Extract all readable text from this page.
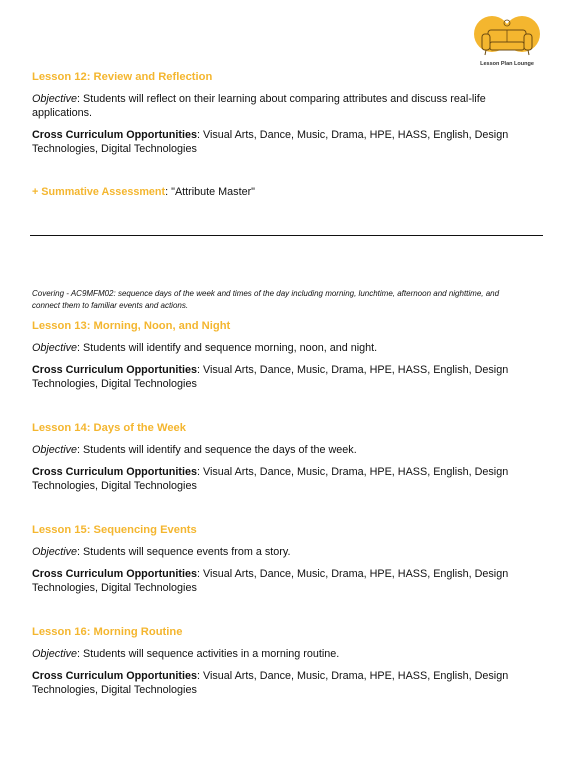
Lesson Plan Lounge
Lesson 12: Review and Reflection

Objective: Students will reflect on their learning about comparing attributes and discuss real-life applications.

Cross Curriculum Opportunities: Visual Arts, Dance, Music, Drama, HPE, HASS, English, Design Technologies, Digital Technologies

+ Summative Assessment: "Attribute Master"

Covering - AC9MFM02: sequence days of the week and times of the day including morning, lunchtime, afternoon and nighttime, and connect them to familiar events and actions.
Lesson 13: Morning, Noon, and Night

Objective: Students will identify and sequence morning, noon, and night.

Cross Curriculum Opportunities: Visual Arts, Dance, Music, Drama, HPE, HASS, English, Design Technologies, Digital Technologies

Lesson 14: Days of the Week

Objective: Students will identify and sequence the days of the week.

Cross Curriculum Opportunities: Visual Arts, Dance, Music, Drama, HPE, HASS, English, Design Technologies, Digital Technologies

Lesson 15: Sequencing Events

Objective: Students will sequence events from a story.

Cross Curriculum Opportunities: Visual Arts, Dance, Music, Drama, HPE, HASS, English, Design Technologies, Digital Technologies

Lesson 16: Morning Routine

Objective: Students will sequence activities in a morning routine.

Cross Curriculum Opportunities: Visual Arts, Dance, Music, Drama, HPE, HASS, English, Design Technologies, Digital Technologies
